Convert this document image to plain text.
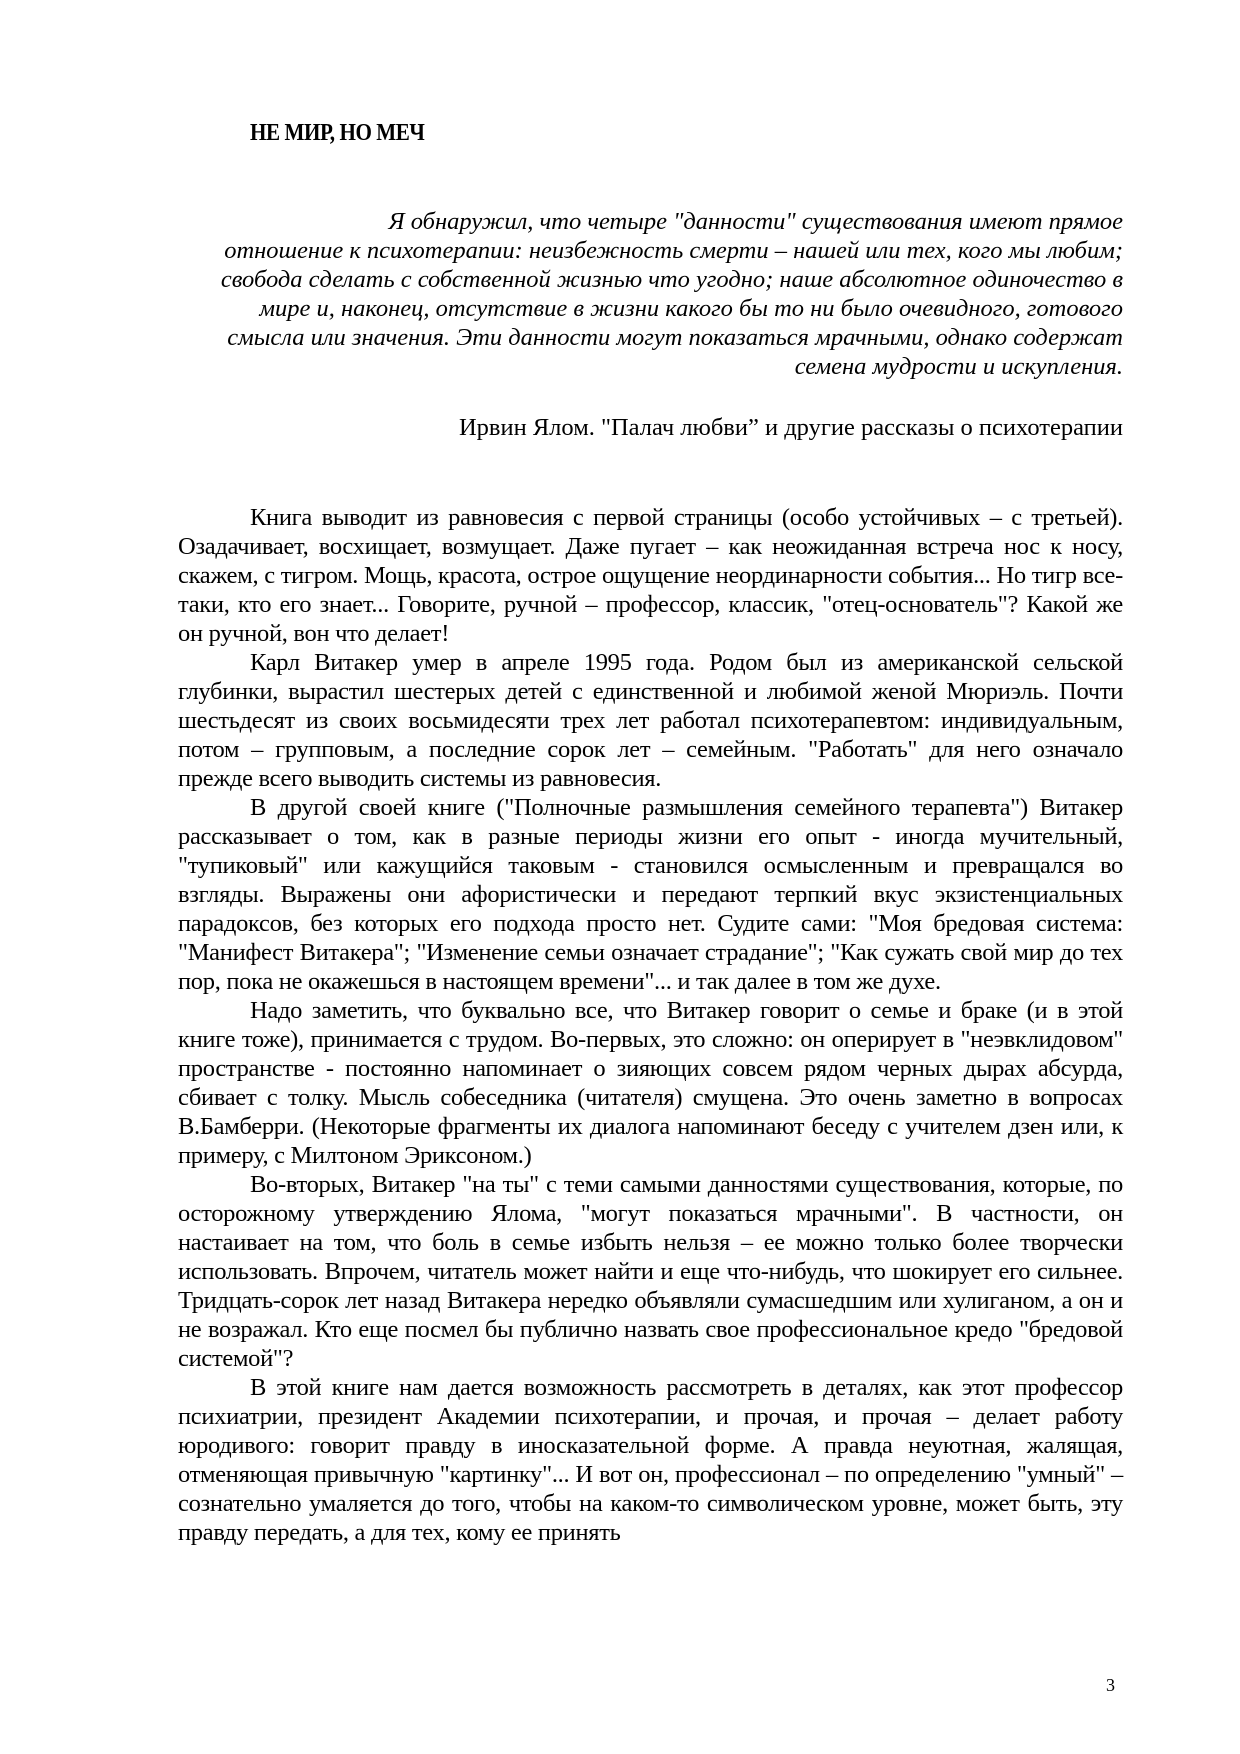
НЕ МИР, НО МЕЧ
Я обнаружил, что четыре "данности" существования имеют прямое
отношение к психотерапии: неизбежность смерти – нашей или тех, кого мы любим;
свобода сделать с собственной жизнью что угодно; наше абсолютное одиночество в
мире и, наконец, отсутствие в жизни какого бы то ни было очевидного, готового
смысла или значения. Эти данности могут показаться мрачными, однако содержат
семена мудрости и искупления.
Ирвин Ялом. "Палач любви” и другие рассказы о психотерапии

Книга выводит из равновесия с первой страницы (особо устойчивых – с третьей). Озадачивает, восхищает, возмущает. Даже пугает – как неожиданная встреча нос к носу, скажем, с тигром. Мощь, красота, острое ощущение неординарности события... Но тигр все-таки, кто его знает... Говорите, ручной – профессор, классик, "отец-основатель"? Какой же он ручной, вон что делает!

Карл Витакер умер в апреле 1995 года. Родом был из американской сельской глубинки, вырастил шестерых детей с единственной и любимой женой Мюриэль. Почти шестьдесят из своих восьмидесяти трех лет работал психотерапевтом: индивидуальным, потом – групповым, а последние сорок лет – семейным. "Работать" для него означало прежде всего выводить системы из равновесия.

В другой своей книге ("Полночные размышления семейного терапевта") Витакер рассказывает о том, как в разные периоды жизни его опыт - иногда мучительный, "тупиковый" или кажущийся таковым - становился осмысленным и превращался во взгляды. Выражены они афористически и передают терпкий вкус экзистенциальных парадоксов, без которых его подхода просто нет. Судите сами: "Моя бредовая система: "Манифест Витакера"; "Изменение семьи означает страдание"; "Как сужать свой мир до тех пор, пока не окажешься в настоящем времени"... и так далее в том же духе.

Надо заметить, что буквально все, что Витакер говорит о семье и браке (и в этой книге тоже), принимается с трудом. Во-первых, это сложно: он оперирует в "неэвклидовом" пространстве - постоянно напоминает о зияющих совсем рядом черных дырах абсурда, сбивает с толку. Мысль собеседника (читателя) смущена. Это очень заметно в вопросах В.Бамберри. (Некоторые фрагменты их диалога напоминают беседу с учителем дзен или, к примеру, с Милтоном Эриксоном.)

Во-вторых, Витакер "на ты" с теми самыми данностями существования, которые, по осторожному утверждению Ялома, "могут показаться мрачными". В частности, он настаивает на том, что боль в семье избыть нельзя – ее можно только более творчески использовать. Впрочем, читатель может найти и еще что-нибудь, что шокирует его сильнее. Тридцать-сорок лет назад Витакера нередко объявляли сумасшедшим или хулиганом, а он и не возражал. Кто еще посмел бы публично назвать свое профессиональное кредо "бредовой системой"?

В этой книге нам дается возможность рассмотреть в деталях, как этот профессор психиатрии, президент Академии психотерапии, и прочая, и прочая – делает работу юродивого: говорит правду в иносказательной форме. А правда неуютная, жалящая, отменяющая привычную "картинку"... И вот он, профессионал – по определению "умный" – сознательно умаляется до того, чтобы на каком-то символическом уровне, может быть, эту правду передать, а для тех, кому ее принять

3
